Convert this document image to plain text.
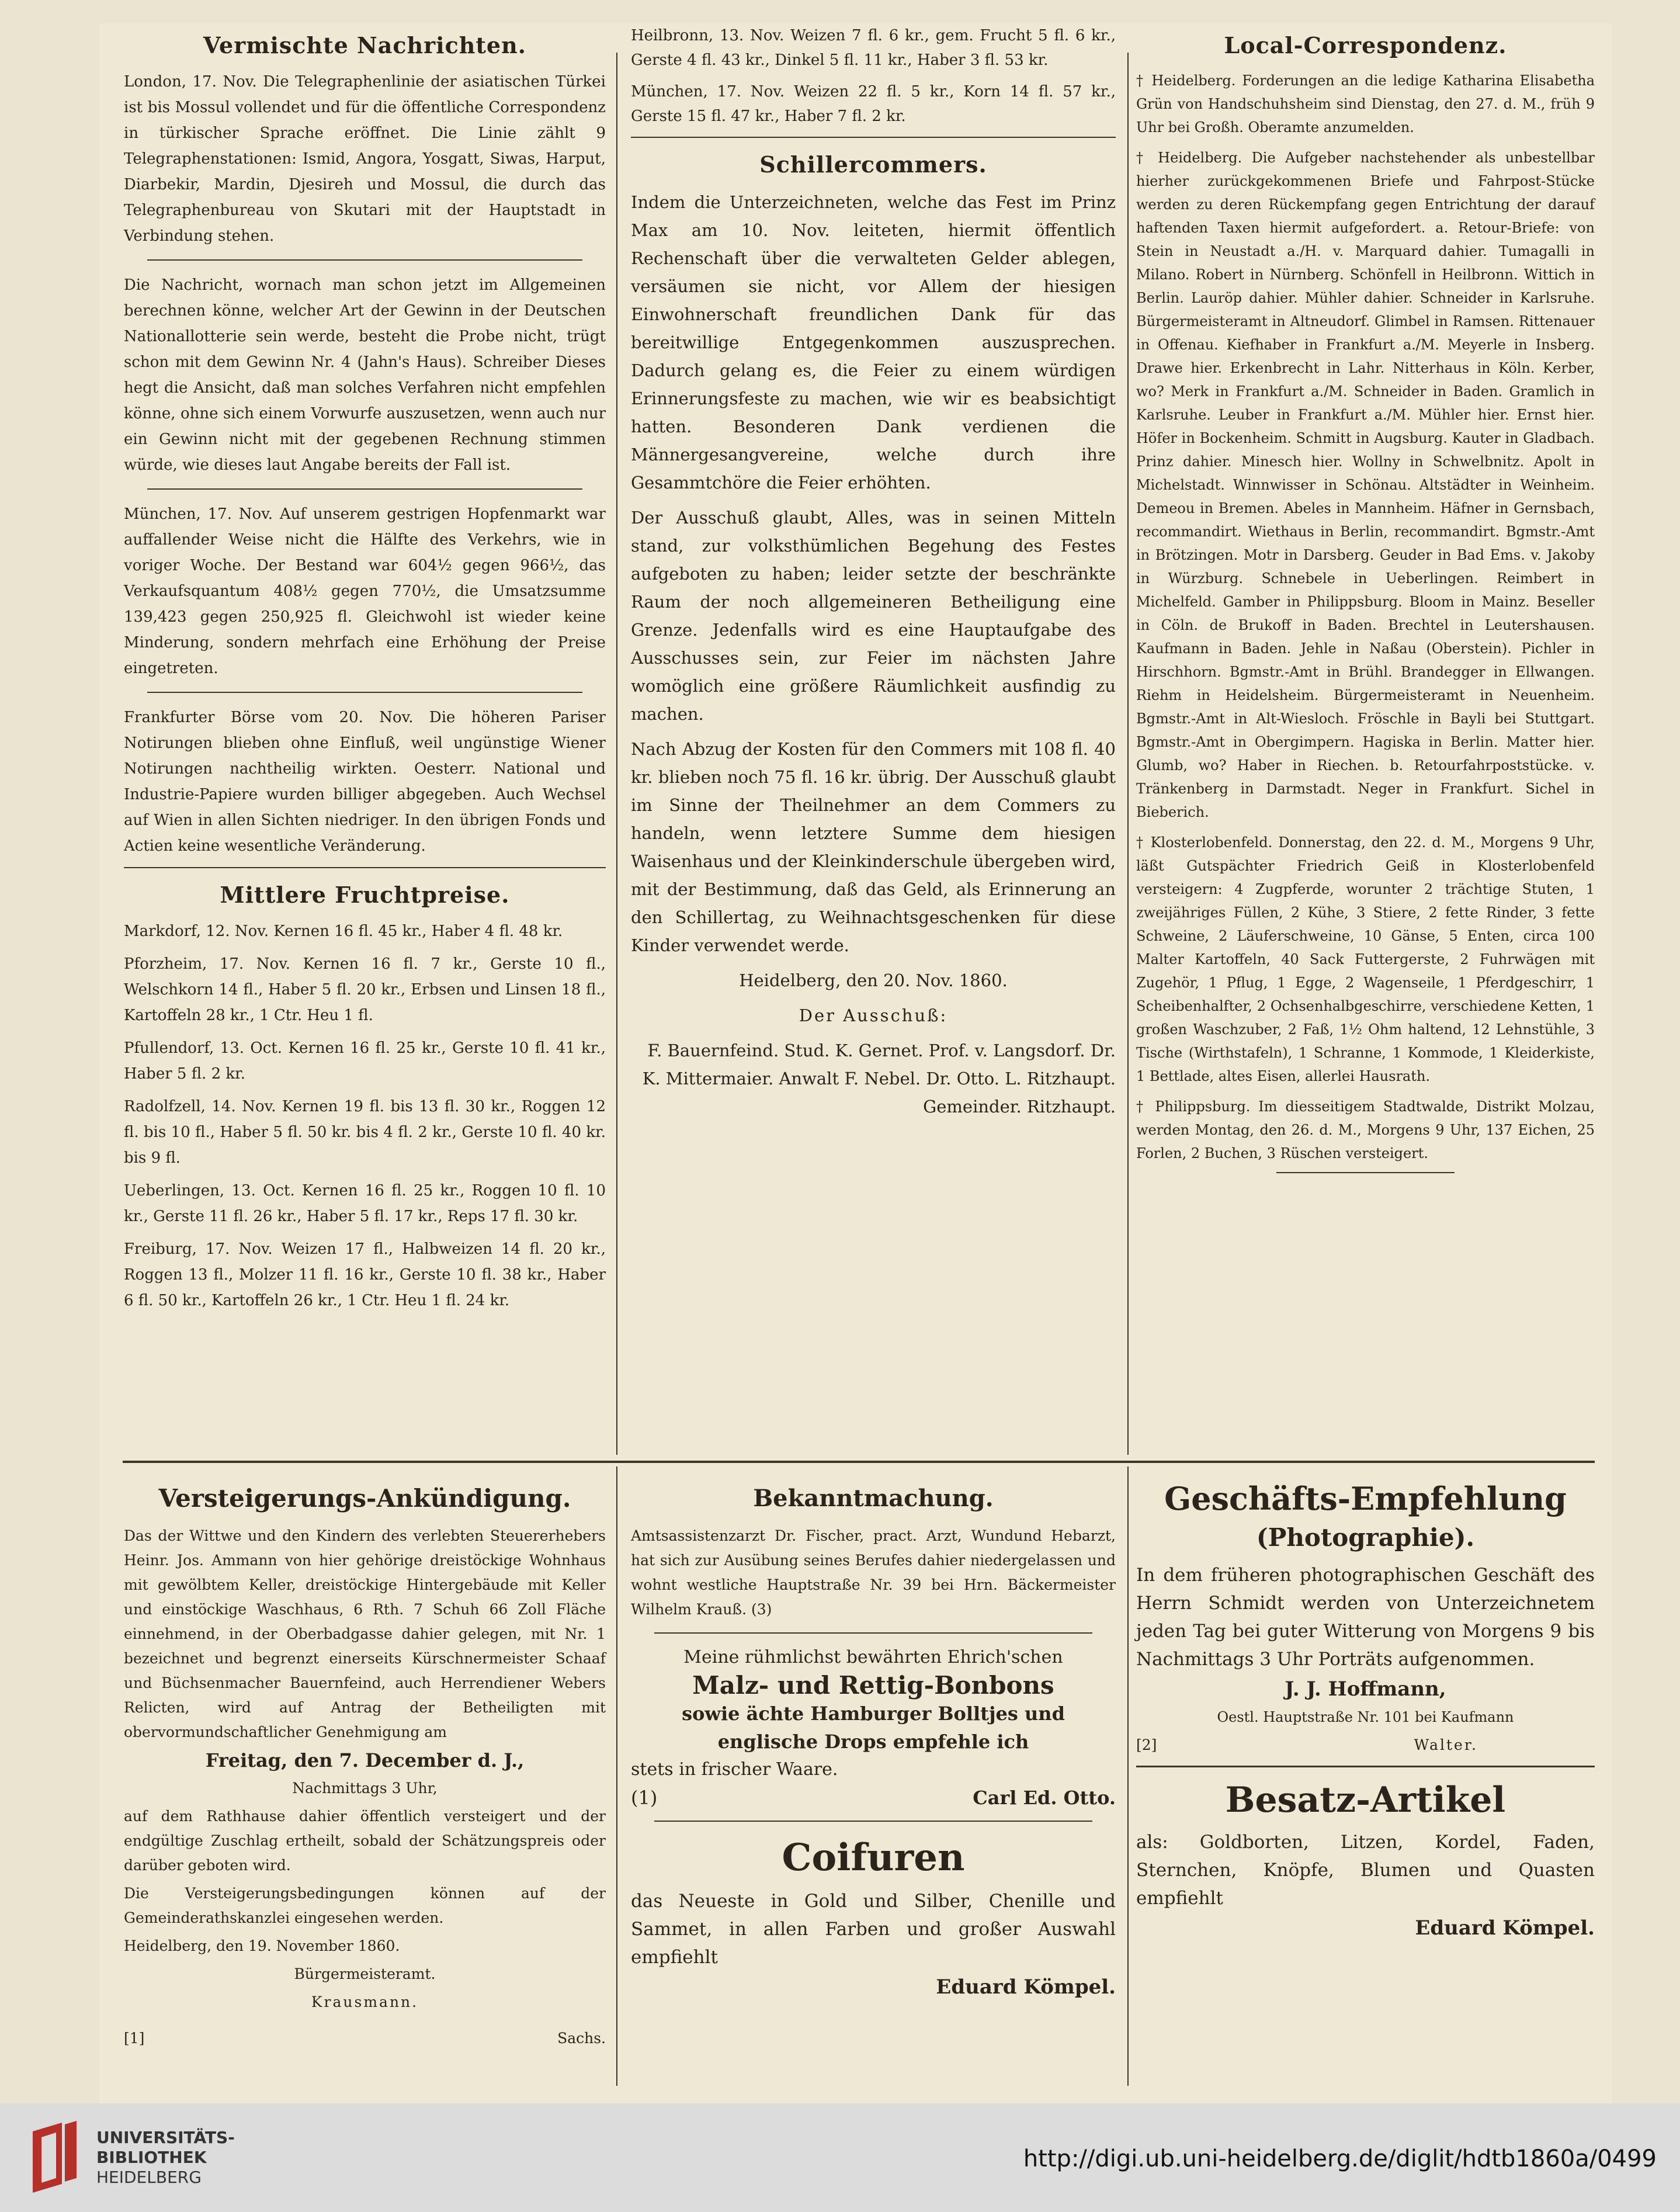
Vermischte Nachrichten.

London, 17. Nov. Die Telegraphenlinie der asiatischen Türkei ist bis Mossul vollendet und für die öffentliche Correspondenz in türkischer Sprache eröffnet. Die Linie zählt 9 Telegraphenstationen: Ismid, Angora, Yosgatt, Siwas, Harput, Diarbekir, Mardin, Djesireh und Mossul, die durch das Telegraphenbureau von Skutari mit der Hauptstadt in Verbindung stehen.

Die Nachricht, wornach man schon jetzt im Allgemeinen berechnen könne, welcher Art der Gewinn in der Deutschen Nationallotterie sein werde, besteht die Probe nicht, trügt schon mit dem Gewinn Nr. 4 (Jahn's Haus). Schreiber Dieses hegt die Ansicht, daß man solches Verfahren nicht empfehlen könne, ohne sich einem Vorwurfe auszusetzen, wenn auch nur ein Gewinn nicht mit der gegebenen Rechnung stimmen würde, wie dieses laut Angabe bereits der Fall ist.

München, 17. Nov. Auf unserem gestrigen Hopfenmarkt war auffallender Weise nicht die Hälfte des Verkehrs, wie in voriger Woche. Der Bestand war 604½ gegen 966½, das Verkaufsquantum 408½ gegen 770½, die Umsatzsumme 139,423 gegen 250,925 fl. Gleichwohl ist wieder keine Minderung, sondern mehrfach eine Erhöhung der Preise eingetreten.

Frankfurter Börse vom 20. Nov. Die höheren Pariser Notirungen blieben ohne Einfluß, weil ungünstige Wiener Notirungen nachtheilig wirkten. Oesterr. National und Industrie-Papiere wurden billiger abgegeben. Auch Wechsel auf Wien in allen Sichten niedriger. In den übrigen Fonds und Actien keine wesentliche Veränderung.

Mittlere Fruchtpreise.

Markdorf, 12. Nov. Kernen 16 fl. 45 kr., Haber 4 fl. 48 kr.

Pforzheim, 17. Nov. Kernen 16 fl. 7 kr., Gerste 10 fl., Welschkorn 14 fl., Haber 5 fl. 20 kr., Erbsen und Linsen 18 fl., Kartoffeln 28 kr., 1 Ctr. Heu 1 fl.

Pfullendorf, 13. Oct. Kernen 16 fl. 25 kr., Gerste 10 fl. 41 kr., Haber 5 fl. 2 kr.

Radolfzell, 14. Nov. Kernen 19 fl. bis 13 fl. 30 kr., Roggen 12 fl. bis 10 fl., Haber 5 fl. 50 kr. bis 4 fl. 2 kr., Gerste 10 fl. 40 kr. bis 9 fl.

Ueberlingen, 13. Oct. Kernen 16 fl. 25 kr., Roggen 10 fl. 10 kr., Gerste 11 fl. 26 kr., Haber 5 fl. 17 kr., Reps 17 fl. 30 kr.

Freiburg, 17. Nov. Weizen 17 fl., Halbweizen 14 fl. 20 kr., Roggen 13 fl., Molzer 11 fl. 16 kr., Gerste 10 fl. 38 kr., Haber 6 fl. 50 kr., Kartoffeln 26 kr., 1 Ctr. Heu 1 fl. 24 kr.

Heilbronn, 13. Nov. Weizen 7 fl. 6 kr., gem. Frucht 5 fl. 6 kr., Gerste 4 fl. 43 kr., Dinkel 5 fl. 11 kr., Haber 3 fl. 53 kr.

München, 17. Nov. Weizen 22 fl. 5 kr., Korn 14 fl. 57 kr., Gerste 15 fl. 47 kr., Haber 7 fl. 2 kr.

Schillercommers.

Indem die Unterzeichneten, welche das Fest im Prinz Max am 10. Nov. leiteten, hiermit öffentlich Rechenschaft über die verwalteten Gelder ablegen, versäumen sie nicht, vor Allem der hiesigen Einwohnerschaft freundlichen Dank für das bereitwillige Entgegenkommen auszusprechen. Dadurch gelang es, die Feier zu einem würdigen Erinnerungsfeste zu machen, wie wir es beabsichtigt hatten. Besonderen Dank verdienen die Männergesangvereine, welche durch ihre Gesammtchöre die Feier erhöhten.

Der Ausschuß glaubt, Alles, was in seinen Mitteln stand, zur volksthümlichen Begehung des Festes aufgeboten zu haben; leider setzte der beschränkte Raum der noch allgemeineren Betheiligung eine Grenze. Jedenfalls wird es eine Hauptaufgabe des Ausschusses sein, zur Feier im nächsten Jahre womöglich eine größere Räumlichkeit ausfindig zu machen.

Nach Abzug der Kosten für den Commers mit 108 fl. 40 kr. blieben noch 75 fl. 16 kr. übrig. Der Ausschuß glaubt im Sinne der Theilnehmer an dem Commers zu handeln, wenn letztere Summe dem hiesigen Waisenhaus und der Kleinkinderschule übergeben wird, mit der Bestimmung, daß das Geld, als Erinnerung an den Schillertag, zu Weihnachtsgeschenken für diese Kinder verwendet werde.

Heidelberg, den 20. Nov. 1860.

Der Ausschuß:

F. Bauernfeind. Stud. K. Gernet. Prof. v. Langsdorf. Dr. K. Mittermaier. Anwalt F. Nebel. Dr. Otto. L. Ritzhaupt. Gemeinder. Ritzhaupt.

Local-Correspondenz.

† Heidelberg. Forderungen an die ledige Katharina Elisabetha Grün von Handschuhsheim sind Dienstag, den 27. d. M., früh 9 Uhr bei Großh. Oberamte anzumelden.

† Heidelberg. Die Aufgeber nachstehender als unbestellbar hierher zurückgekommenen Briefe und Fahrpost-Stücke werden zu deren Rückempfang gegen Entrichtung der darauf haftenden Taxen hiermit aufgefordert. a. Retour-Briefe: von Stein in Neustadt a./H. v. Marquard dahier. Tumagalli in Milano. Robert in Nürnberg. Schönfell in Heilbronn. Wittich in Berlin. Lauröp dahier. Mühler dahier. Schneider in Karlsruhe. Bürgermeisteramt in Altneudorf. Glimbel in Ramsen. Rittenauer in Offenau. Kiefhaber in Frankfurt a./M. Meyerle in Insberg. Drawe hier. Erkenbrecht in Lahr. Nitterhaus in Köln. Kerber, wo? Merk in Frankfurt a./M. Schneider in Baden. Gramlich in Karlsruhe. Leuber in Frankfurt a./M. Mühler hier. Ernst hier. Höfer in Bockenheim. Schmitt in Augsburg. Kauter in Gladbach. Prinz dahier. Minesch hier. Wollny in Schwelbnitz. Apolt in Michelstadt. Winnwisser in Schönau. Altstädter in Weinheim. Demeou in Bremen. Abeles in Mannheim. Häfner in Gernsbach, recommandirt. Wiethaus in Berlin, recommandirt. Bgmstr.-Amt in Brötzingen. Motr in Darsberg. Geuder in Bad Ems. v. Jakoby in Würzburg. Schnebele in Ueberlingen. Reimbert in Michelfeld. Gamber in Philippsburg. Bloom in Mainz. Beseller in Cöln. de Brukoff in Baden. Brechtel in Leutershausen. Kaufmann in Baden. Jehle in Naßau (Oberstein). Pichler in Hirschhorn. Bgmstr.-Amt in Brühl. Brandegger in Ellwangen. Riehm in Heidelsheim. Bürgermeisteramt in Neuenheim. Bgmstr.-Amt in Alt-Wiesloch. Fröschle in Bayli bei Stuttgart. Bgmstr.-Amt in Obergimpern. Hagiska in Berlin. Matter hier. Glumb, wo? Haber in Riechen. b. Retourfahrpoststücke. v. Tränkenberg in Darmstadt. Neger in Frankfurt. Sichel in Bieberich.

† Klosterlobenfeld. Donnerstag, den 22. d. M., Morgens 9 Uhr, läßt Gutspächter Friedrich Geiß in Klosterlobenfeld versteigern: 4 Zugpferde, worunter 2 trächtige Stuten, 1 zweijähriges Füllen, 2 Kühe, 3 Stiere, 2 fette Rinder, 3 fette Schweine, 2 Läuferschweine, 10 Gänse, 5 Enten, circa 100 Malter Kartoffeln, 40 Sack Futtergerste, 2 Fuhrwägen mit Zugehör, 1 Pflug, 1 Egge, 2 Wagenseile, 1 Pferdgeschirr, 1 Scheibenhalfter, 2 Ochsenhalbgeschirre, verschiedene Ketten, 1 großen Waschzuber, 2 Faß, 1½ Ohm haltend, 12 Lehnstühle, 3 Tische (Wirthstafeln), 1 Schranne, 1 Kommode, 1 Kleiderkiste, 1 Bettlade, altes Eisen, allerlei Hausrath.

† Philippsburg. Im diesseitigem Stadtwalde, Distrikt Molzau, werden Montag, den 26. d. M., Morgens 9 Uhr, 137 Eichen, 25 Forlen, 2 Buchen, 3 Rüschen versteigert.

Versteigerungs-Ankündigung.

Das der Wittwe und den Kindern des verlebten Steuererhebers Heinr. Jos. Ammann von hier gehörige dreistöckige Wohnhaus mit gewölbtem Keller, dreistöckige Hintergebäude mit Keller und einstöckige Waschhaus, 6 Rth. 7 Schuh 66 Zoll Fläche einnehmend, in der Oberbadgasse dahier gelegen, mit Nr. 1 bezeichnet und begrenzt einerseits Kürschnermeister Schaaf und Büchsenmacher Bauernfeind, auch Herrendiener Webers Relicten, wird auf Antrag der Betheiligten mit obervormundschaftlicher Genehmigung am

Freitag, den 7. December d. J.,

Nachmittags 3 Uhr,

auf dem Rathhause dahier öffentlich versteigert und der endgültige Zuschlag ertheilt, sobald der Schätzungspreis oder darüber geboten wird.

Die Versteigerungsbedingungen können auf der Gemeinderathskanzlei eingesehen werden.

Heidelberg, den 19. November 1860.

Bürgermeisteramt.

Krausmann.

[1]	Sachs.
Bekanntmachung.

Amtsassistenzarzt Dr. Fischer, pract. Arzt, Wundund Hebarzt, hat sich zur Ausübung seines Berufes dahier niedergelassen und wohnt westliche Hauptstraße Nr. 39 bei Hrn. Bäckermeister Wilhelm Krauß. (3)

Meine rühmlichst bewährten Ehrich'schen

Malz- und Rettig-Bonbons

sowie ächte Hamburger Bolltjes und

englische Drops empfehle ich

stets in frischer Waare.

(1)	Carl Ed. Otto.
Coifuren

das Neueste in Gold und Silber, Chenille und Sammet, in allen Farben und großer Auswahl empfiehlt

Eduard Kömpel.

Geschäfts-Empfehlung
(Photographie).

In dem früheren photographischen Geschäft des Herrn Schmidt werden von Unterzeichnetem jeden Tag bei guter Witterung von Morgens 9 bis Nachmittags 3 Uhr Porträts aufgenommen.

J. J. Hoffmann,

Oestl. Hauptstraße Nr. 101 bei Kaufmann

[2]	Walter.
Besatz-Artikel

als: Goldborten, Litzen, Kordel, Faden, Sternchen, Knöpfe, Blumen und Quasten empfiehlt

Eduard Kömpel.

UNIVERSITÄTS-
BIBLIOTHEK
HEIDELBERG
http://digi.ub.uni-heidelberg.de/diglit/hdtb1860a/0499
